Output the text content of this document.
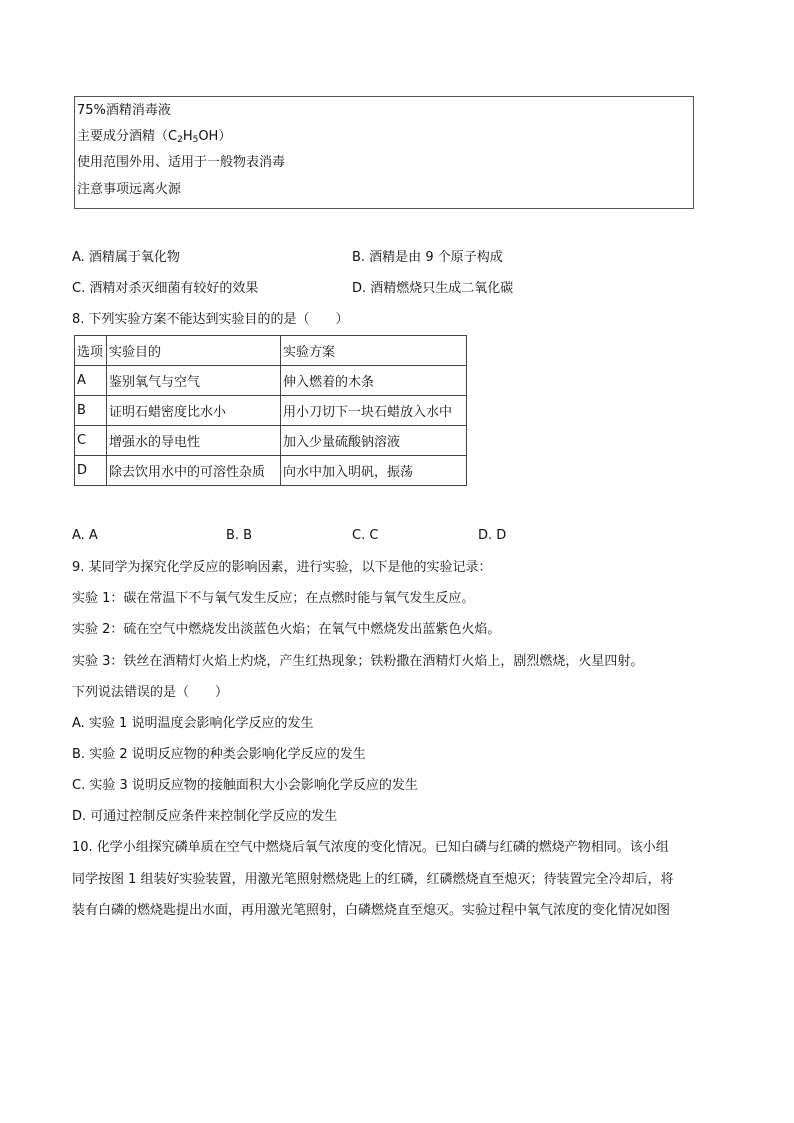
75%酒精消毒液
主要成分酒精$(C_2H_5OH)$
使用范围外用、适用于一般物表消毒
注意事项远离火源
A. 酒精属于氧化物	B. 酒精是由 9 个原子构成
C. 酒精对杀灭细菌有较好的效果	D. 酒精燃烧只生成二氧化碳
8. 下列实验方案不能达到实验目的的是（　　）
选项	实验目的	实验方案
A	鉴别氧气与空气	伸入燃着的木条
B	证明石蜡密度比水小	用小刀切下一块石蜡放入水中
C	增强水的导电性	加入少量硫酸钠溶液
D	除去饮用水中的可溶性杂质	向水中加入明矾，振荡
A. A	B. B	C. C	D. D
9. 某同学为探究化学反应的影响因素，进行实验，以下是他的实验记录：
实验 1：碳在常温下不与氧气发生反应；在点燃时能与氧气发生反应。
实验 2：硫在空气中燃烧发出淡蓝色火焰；在氧气中燃烧发出蓝紫色火焰。
实验 3：铁丝在酒精灯火焰上灼烧，产生红热现象；铁粉撒在酒精灯火焰上，剧烈燃烧，火星四射。
下列说法错误的是（　　）
A. 实验 1 说明温度会影响化学反应的发生
B. 实验 2 说明反应物的种类会影响化学反应的发生
C. 实验 3 说明反应物的接触面积大小会影响化学反应的发生
D. 可通过控制反应条件来控制化学反应的发生
10. 化学小组探究磷单质在空气中燃烧后氧气浓度的变化情况。已知白磷与红磷的燃烧产物相同。该小组
同学按图 1 组装好实验装置，用激光笔照射燃烧匙上的红磷，红磷燃烧直至熄灭；待装置完全冷却后，将
装有白磷的燃烧匙提出水面，再用激光笔照射，白磷燃烧直至熄灭。实验过程中氧气浓度的变化情况如图
